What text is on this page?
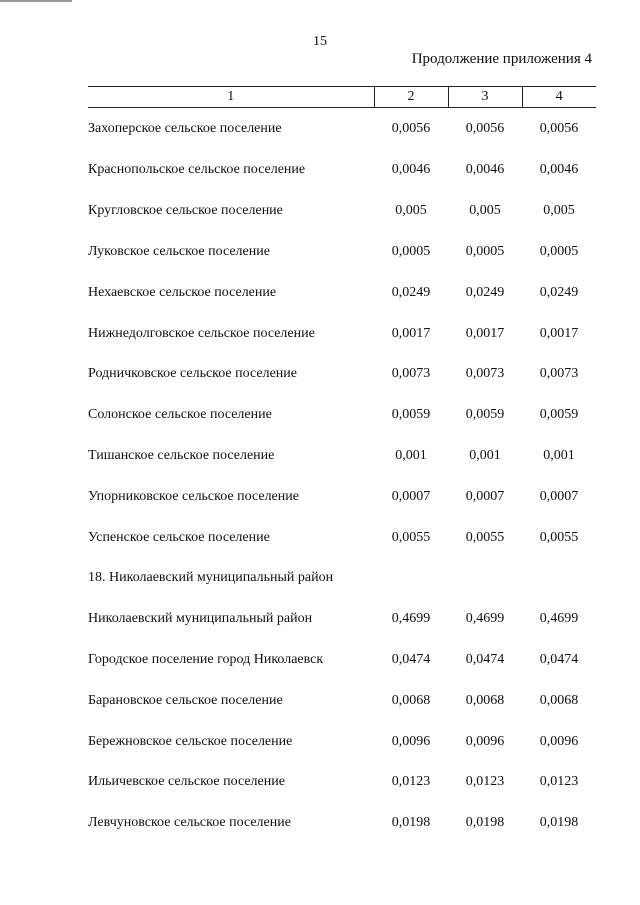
15
Продолжение приложения 4
1	2	3	4
Захоперское сельское поселение	0,0056	0,0056	0,0056
Краснопольское сельское поселение	0,0046	0,0046	0,0046
Кругловское сельское поселение	0,005	0,005	0,005
Луковское сельское поселение	0,0005	0,0005	0,0005
Нехаевское сельское поселение	0,0249	0,0249	0,0249
Нижнедолговское сельское поселение	0,0017	0,0017	0,0017
Родничковское сельское поселение	0,0073	0,0073	0,0073
Солонское сельское поселение	0,0059	0,0059	0,0059
Тишанское сельское поселение	0,001	0,001	0,001
Упорниковское сельское поселение	0,0007	0,0007	0,0007
Успенское сельское поселение	0,0055	0,0055	0,0055
18. Николаевский муниципальный район			
Николаевский муниципальный район	0,4699	0,4699	0,4699
Городское поселение город Николаевск	0,0474	0,0474	0,0474
Барановское сельское поселение	0,0068	0,0068	0,0068
Бережновское сельское поселение	0,0096	0,0096	0,0096
Ильичевское сельское поселение	0,0123	0,0123	0,0123
Левчуновское сельское поселение	0,0198	0,0198	0,0198
